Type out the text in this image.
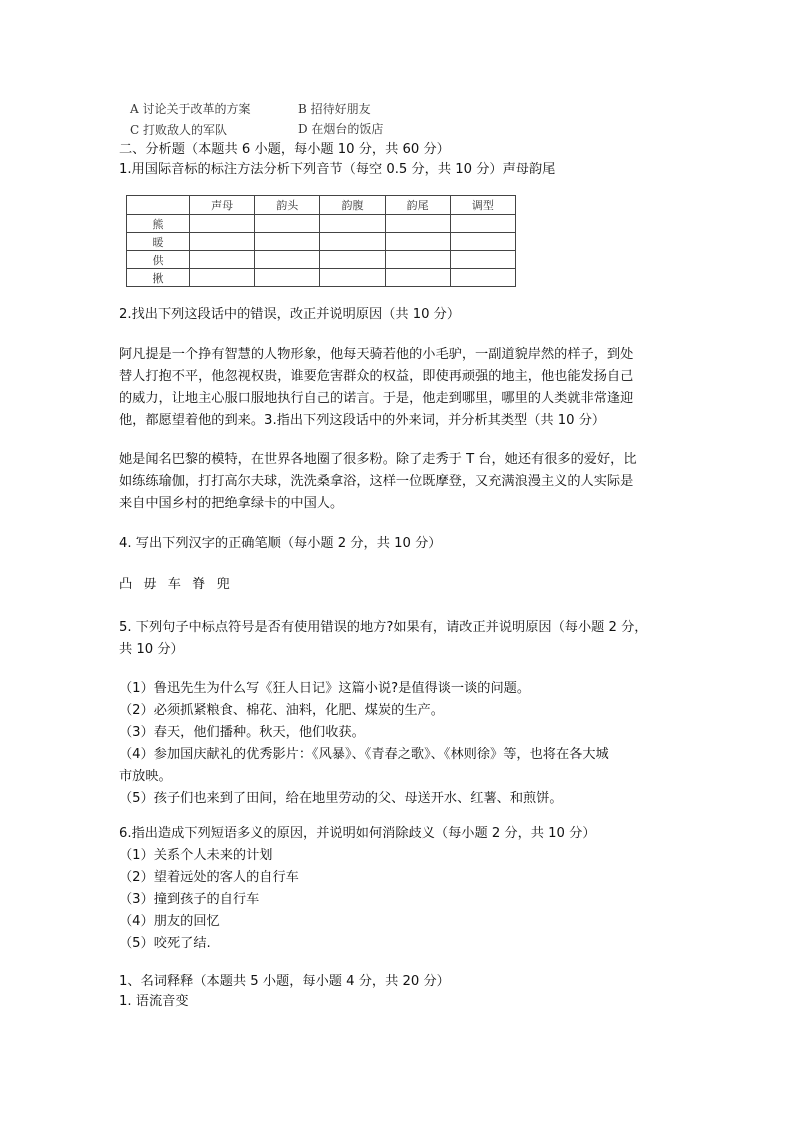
A 讨论关于改革的方案	B 招待好朋友
C 打败敌人的军队	D 在烟台的饭店
二、分析题（本题共 6 小题，每小题 10 分，共 60 分）
1.用国际音标的标注方法分析下列音节（每空 0.5 分，共 10 分）声母韵尾
	声母	韵头	韵腹	韵尾	调型
熊					
暖					
供					
揪					
2.找出下列这段话中的错误，改正并说明原因（共 10 分）
阿凡提是一个挣有智慧的人物形象，他每天骑若他的小毛驴，一副道貌岸然的样子，到处
替人打抱不平，他忽视权贵，谁要危害群众的权益，即使再顽强的地主，他也能发扬自己
的威力，让地主心服口服地执行自己的诺言。于是，他走到哪里，哪里的人类就非常逢迎
他，都愿望着他的到来。3.指出下列这段话中的外来词，并分析其类型（共 10 分）
她是闻名巴黎的模特，在世界各地圈了很多粉。除了走秀于 T 台，她还有很多的爱好，比
如练练瑜伽，打打高尔夫球，洗洗桑拿浴，这样一位既摩登，又充满浪漫主义的人实际是
来自中国乡村的把绝拿绿卡的中国人。
4. 写出下列汉字的正确笔顺（每小题 2 分，共 10 分）
凸 毋 车 脊 兜
5. 下列句子中标点符号是否有使用错误的地方?如果有，请改正并说明原因（每小题 2 分，
共 10 分）
（1）鲁迅先生为什么写《狂人日记》这篇小说?是值得谈一谈的问题。
（2）必须抓紧粮食、棉花、油料，化肥、煤炭的生产。
（3）春天，他们播种。秋天，他们收获。
（4）参加国庆献礼的优秀影片：《风暴》、《青春之歌》、《林则徐》等，也将在各大城
市放映。
（5）孩子们也来到了田间，给在地里劳动的父、母送开水、红薯、和煎饼。
6.指出造成下列短语多义的原因，并说明如何消除歧义（每小题 2 分，共 10 分）
（1）关系个人未来的计划
（2）望着远处的客人的自行车
（3）撞到孩子的自行车
（4）朋友的回忆
（5）咬死了结.
1、名词释释（本题共 5 小题，每小题 4 分，共 20 分）
1. 语流音变
